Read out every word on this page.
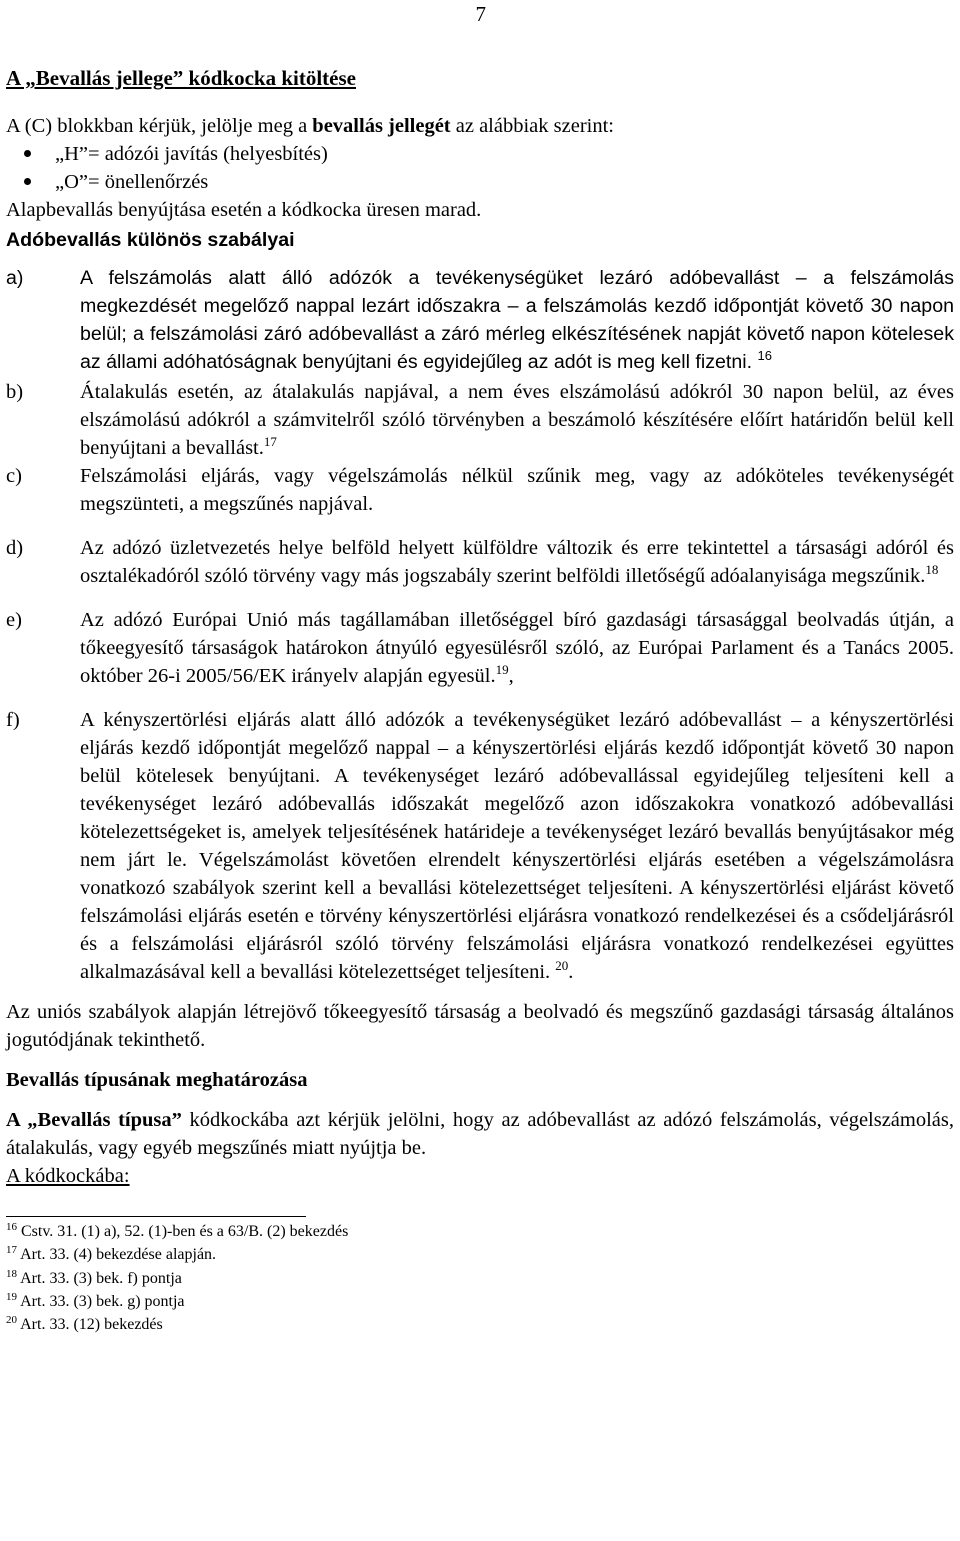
7

A „Bevallás jellege” kódkocka kitöltése

A (C) blokkban kérjük, jelölje meg a bevallás jellegét az alábbiak szerint:

„H”= adózói javítás (helyesbítés)
„O”= önellenőrzés

Alapbevallás benyújtása esetén a kódkocka üresen marad.

Adóbevallás különös szabályai

a)	A felszámolás alatt álló adózók a tevékenységüket lezáró adóbevallást – a felszámolás megkezdését megelőző nappal lezárt időszakra – a felszámolás kezdő időpontját követő 30 napon belül; a felszámolási záró adóbevallást a záró mérleg elkészítésének napját követő napon kötelesek az állami adóhatóságnak benyújtani és egyidejűleg az adót is meg kell fizetni. $^{16}$
b)	Átalakulás esetén, az átalakulás napjával, a nem éves elszámolású adókról 30 napon belül, az éves elszámolású adókról a számvitelről szóló törvényben a beszámoló készítésére előírt határidőn belül kell benyújtani a bevallást.$^{17}$
c)	Felszámolási eljárás, vagy végelszámolás nélkül szűnik meg, vagy az adóköteles tevékenységét megszünteti, a megszűnés napjával.
d)	Az adózó üzletvezetés helye belföld helyett külföldre változik és erre tekintettel a társasági adóról és osztalékadóról szóló törvény vagy más jogszabály szerint belföldi illetőségű adóalanyisága megszűnik.$^{18}$
e)	Az adózó Európai Unió más tagállamában illetőséggel bíró gazdasági társasággal beolvadás útján, a tőkeegyesítő társaságok határokon átnyúló egyesülésről szóló, az Európai Parlament és a Tanács 2005. október 26-i 2005/56/EK irányelv alapján egyesül.$^{19}$,
f)	A kényszertörlési eljárás alatt álló adózók a tevékenységüket lezáró adóbevallást – a kényszertörlési eljárás kezdő időpontját megelőző nappal – a kényszertörlési eljárás kezdő időpontját követő 30 napon belül kötelesek benyújtani. A tevékenységet lezáró adóbevallással egyidejűleg teljesíteni kell a tevékenységet lezáró adóbevallás időszakát megelőző azon időszakokra vonatkozó adóbevallási kötelezettségeket is, amelyek teljesítésének határideje a tevékenységet lezáró bevallás benyújtásakor még nem járt le. Végelszámolást követően elrendelt kényszertörlési eljárás esetében a végelszámolásra vonatkozó szabályok szerint kell a bevallási kötelezettséget teljesíteni. A kényszertörlési eljárást követő felszámolási eljárás esetén e törvény kényszertörlési eljárásra vonatkozó rendelkezései és a csődeljárásról és a felszámolási eljárásról szóló törvény felszámolási eljárásra vonatkozó rendelkezései együttes alkalmazásával kell a bevallási kötelezettséget teljesíteni. $^{20}$.

Az uniós szabályok alapján létrejövő tőkeegyesítő társaság a beolvadó és megszűnő gazdasági társaság általános jogutódjának tekinthető.

Bevallás típusának meghatározása

A „Bevallás típusa” kódkockába azt kérjük jelölni, hogy az adóbevallást az adózó felszámolás, végelszámolás, átalakulás, vagy egyéb megszűnés miatt nyújtja be.

A kódkockába:

$^{16}$ Cstv. 31. (1) a), 52. (1)-ben és a 63/B. (2) bekezdés
$^{17}$ Art. 33. (4) bekezdése alapján.
$^{18}$ Art. 33. (3) bek. f) pontja
$^{19}$ Art. 33. (3) bek. g) pontja
$^{20}$ Art. 33. (12) bekezdés
